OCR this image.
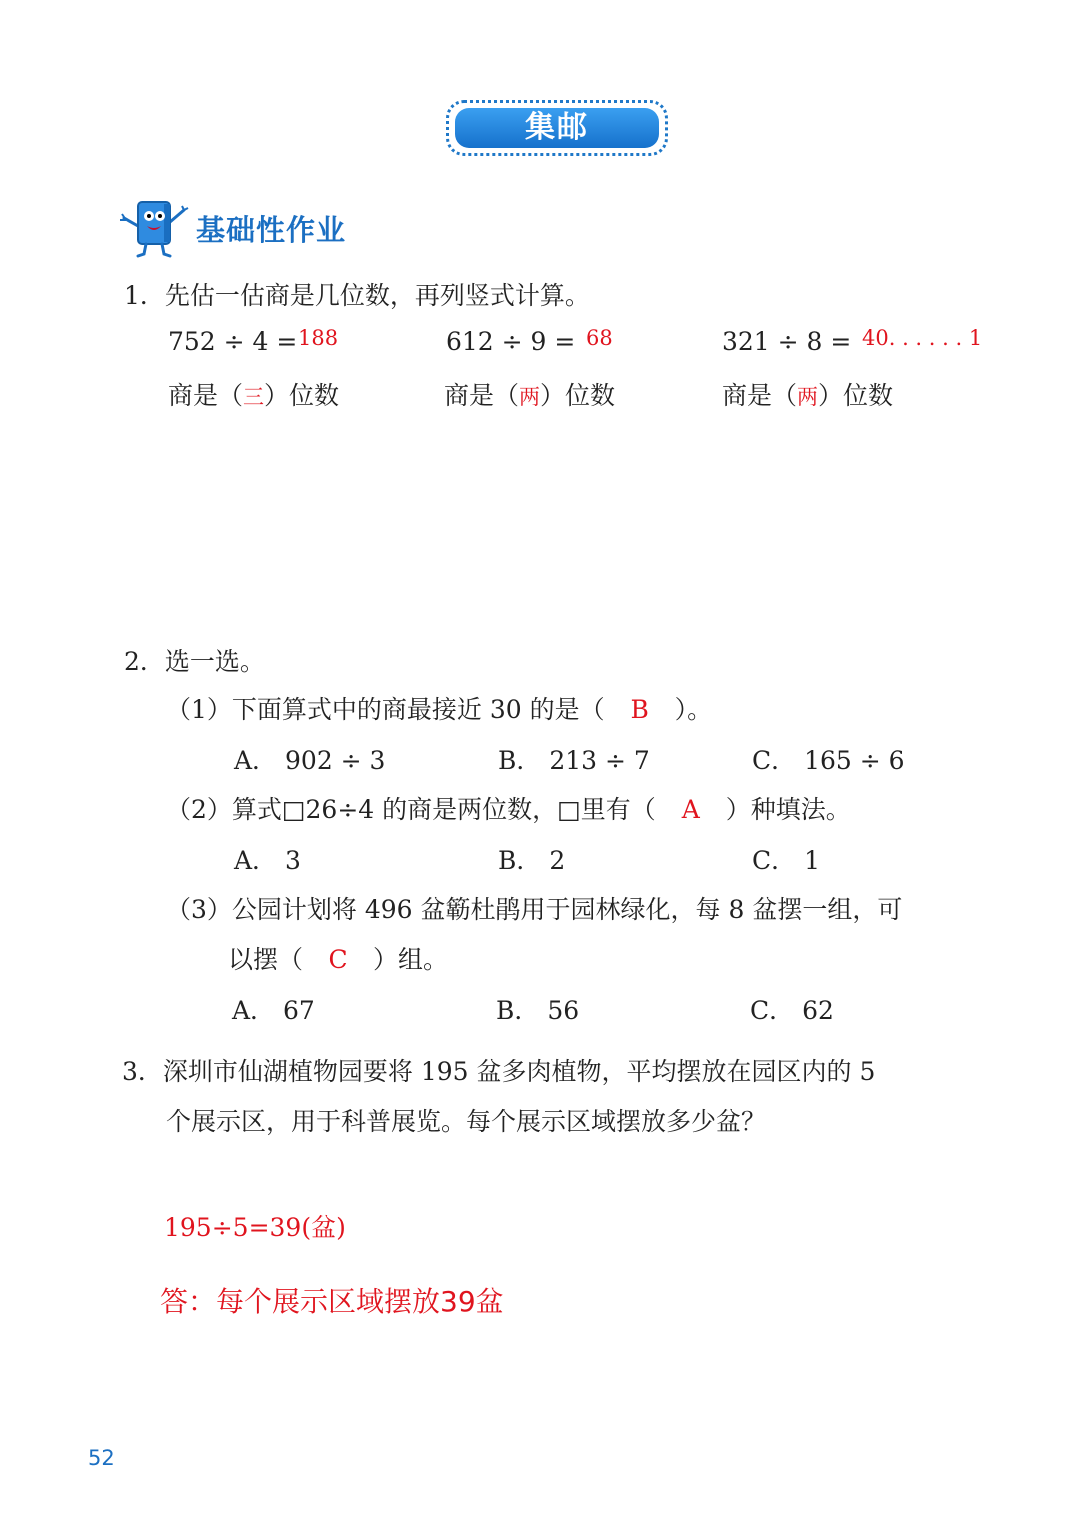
集邮
基础性作业
1．先估一估商是几位数，再列竖式计算。
752 ÷ 4 = 188	612 ÷ 9 = 68	321 ÷ 8 = 40. . . . . . 1
商是（三）位数	商是（两）位数	商是（两）位数
2．选一选。
（1）下面算式中的商最接近 30 的是（ B ）。
A． 902 ÷ 3	B． 213 ÷ 7	C． 165 ÷ 6
（2）算式□26÷4 的商是两位数，□里有（ A ）种填法。
A． 3	B． 2	C． 1
（3）公园计划将 496 盆簕杜鹃用于园林绿化，每 8 盆摆一组，可
以摆（ C ）组。
A． 67	B． 56	C． 62
3．深圳市仙湖植物园要将 195 盆多肉植物，平均摆放在园区内的 5
个展示区，用于科普展览。每个展示区域摆放多少盆？
195÷5=39(盆)
答：每个展示区域摆放39盆
52
